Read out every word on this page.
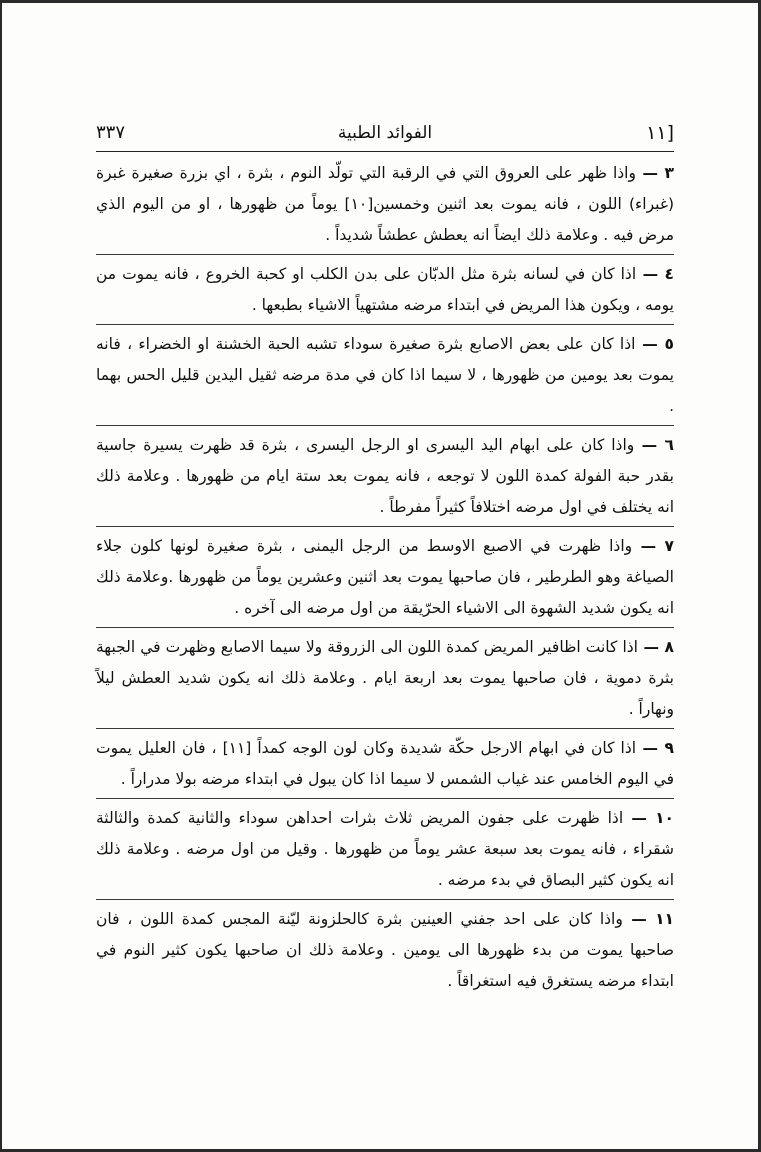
[١١
الفوائد الطبية
٣٣٧

٣ — واذا ظهر على العروق التي في الرقبة التي تولّد النوم ، بثرة ، اي بزرة صغيرة غبرة (غبراء) اللون ، فانه يموت بعد اثنين وخمسين[١٠] يوماً من ظهورها ، او من اليوم الذي مرض فيه . وعلامة ذلك ايضاً انه يعطش عطشاً شديداً .

٤ — اذا كان في لسانه بثرة مثل الدبّان على بدن الكلب او كحبة الخروع ، فانه يموت من يومه ، ويكون هذا المريض في ابتداء مرضه مشتهياً الاشياء بطبعها .

٥ — اذا كان على بعض الاصابع بثرة صغيرة سوداء تشبه الحبة الخشنة او الخضراء ، فانه يموت بعد يومين من ظهورها ، لا سيما اذا كان في مدة مرضه ثقيل اليدين قليل الحس بهما .

٦ — واذا كان على ابهام اليد اليسرى او الرجل اليسرى ، بثرة قد ظهرت يسيرة جاسية بقدر حبة الفولة كمدة اللون لا توجعه ، فانه يموت بعد ستة ايام من ظهورها . وعلامة ذلك انه يختلف في اول مرضه اختلافاً كثيراً مفرطاً .

٧ — واذا ظهرت في الاصبع الاوسط من الرجل اليمنى ، بثرة صغيرة لونها كلون جلاء الصياغة وهو الطرطير ، فان صاحبها يموت بعد اثنين وعشرين يوماً من ظهورها .وعلامة ذلك انه يكون شديد الشهوة الى الاشياء الحرّيقة من اول مرضه الى آخره .

٨ — اذا كانت اظافير المريض كمدة اللون الى الزروقة ولا سيما الاصابع وظهرت في الجبهة بثرة دموية ، فان صاحبها يموت بعد اربعة ايام . وعلامة ذلك انه يكون شديد العطش ليلاً ونهاراً .

٩ — اذا كان في ابهام الارجل حكّة شديدة وكان لون الوجه كمداً [١١] ، فان العليل يموت في اليوم الخامس عند غياب الشمس لا سيما اذا كان يبول في ابتداء مرضه بولا مدراراً .

١٠ — اذا ظهرت على جفون المريض ثلاث بثرات احداهن سوداء والثانية كمدة والثالثة شقراء ، فانه يموت بعد سبعة عشر يوماً من ظهورها . وقيل من اول مرضه . وعلامة ذلك انه يكون كثير البصاق في بدء مرضه .

١١ — واذا كان على احد جفني العينين بثرة كالحلزونة ليّنة المجس كمدة اللون ، فان صاحبها يموت من بدء ظهورها الى يومين . وعلامة ذلك ان صاحبها يكون كثير النوم في ابتداء مرضه يستغرق فيه استغراقاً .
